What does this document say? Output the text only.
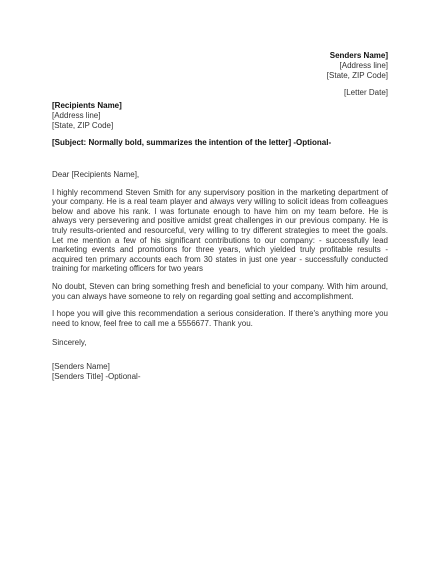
Senders Name]
[Address line]
[State, ZIP Code]
[Letter Date]
[Recipients Name]
[Address line]
[State, ZIP Code]
[Subject: Normally bold, summarizes the intention of the letter] -Optional-

Dear [Recipients Name],

I highly recommend Steven Smith for any supervisory position in the marketing department of your company. He is a real team player and always very willing to solicit ideas from colleagues below and above his rank. I was fortunate enough to have him on my team before. He is always very persevering and positive amidst great challenges in our previous company. He is truly results-oriented and resourceful, very willing to try different strategies to meet the goals. Let me mention a few of his significant contributions to our company: - successfully lead marketing events and promotions for three years, which yielded truly profitable results - acquired ten primary accounts each from 30 states in just one year - successfully conducted training for marketing officers for two years

No doubt, Steven can bring something fresh and beneficial to your company. With him around, you can always have someone to rely on regarding goal setting and accomplishment.

I hope you will give this recommendation a serious consideration. If there's anything more you need to know, feel free to call me a 5556677. Thank you.

Sincerely,
[Senders Name]
[Senders Title] -Optional-
